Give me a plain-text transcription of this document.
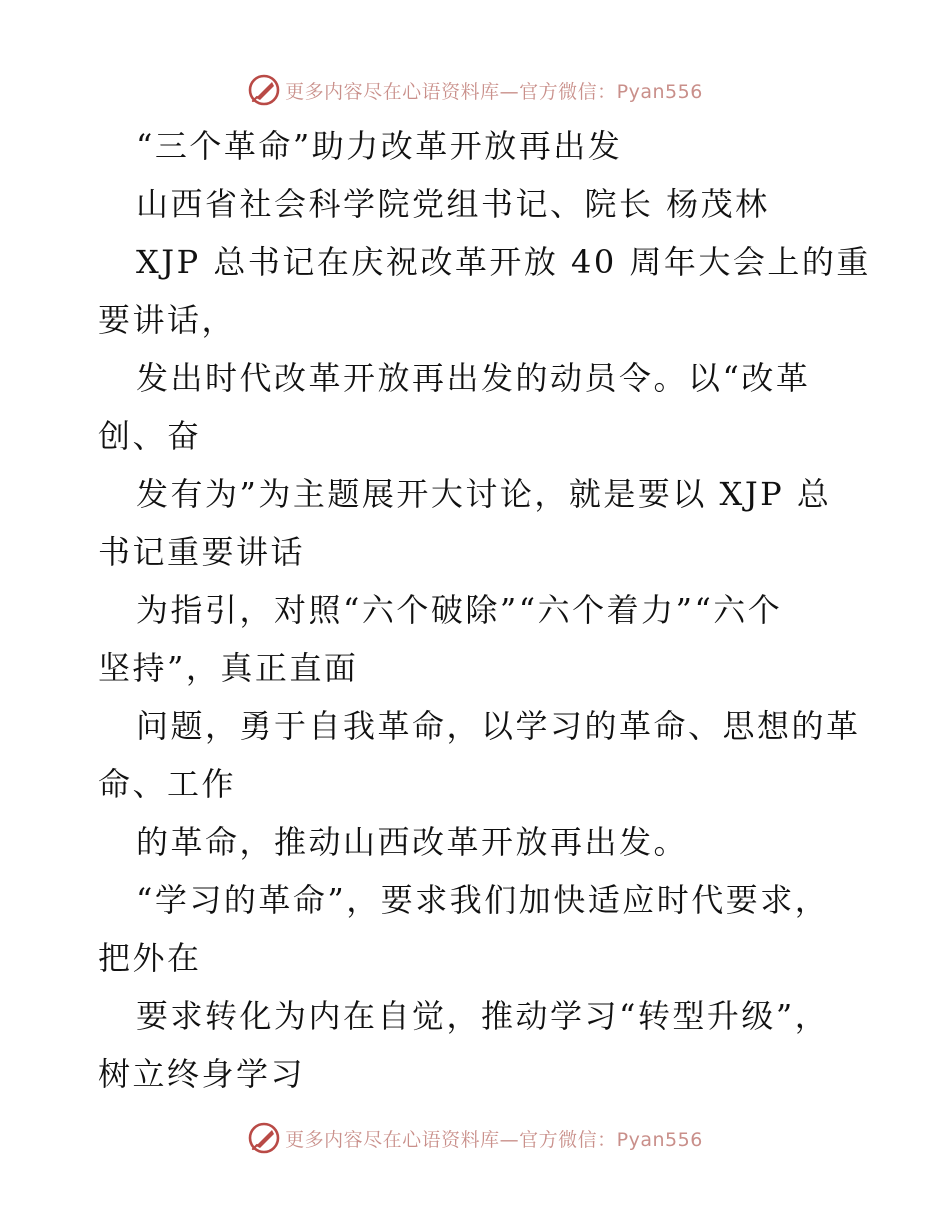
更多内容尽在心语资料库—官方微信：Pyan556
“三个革命”助力改革开放再出发
山西省社会科学院党组书记、院长 杨茂林
XJP 总书记在庆祝改革开放 40 周年大会上的重
要讲话，
发出时代改革开放再出发的动员令。以“改革
创、奋
发有为”为主题展开大讨论，就是要以 XJP 总
书记重要讲话
为指引，对照“六个破除”“六个着力”“六个
坚持”，真正直面
问题，勇于自我革命，以学习的革命、思想的革
命、工作
的革命，推动山西改革开放再出发。
“学习的革命”，要求我们加快适应时代要求，
把外在
要求转化为内在自觉，推动学习“转型升级”，
树立终身学习
更多内容尽在心语资料库—官方微信：Pyan556
